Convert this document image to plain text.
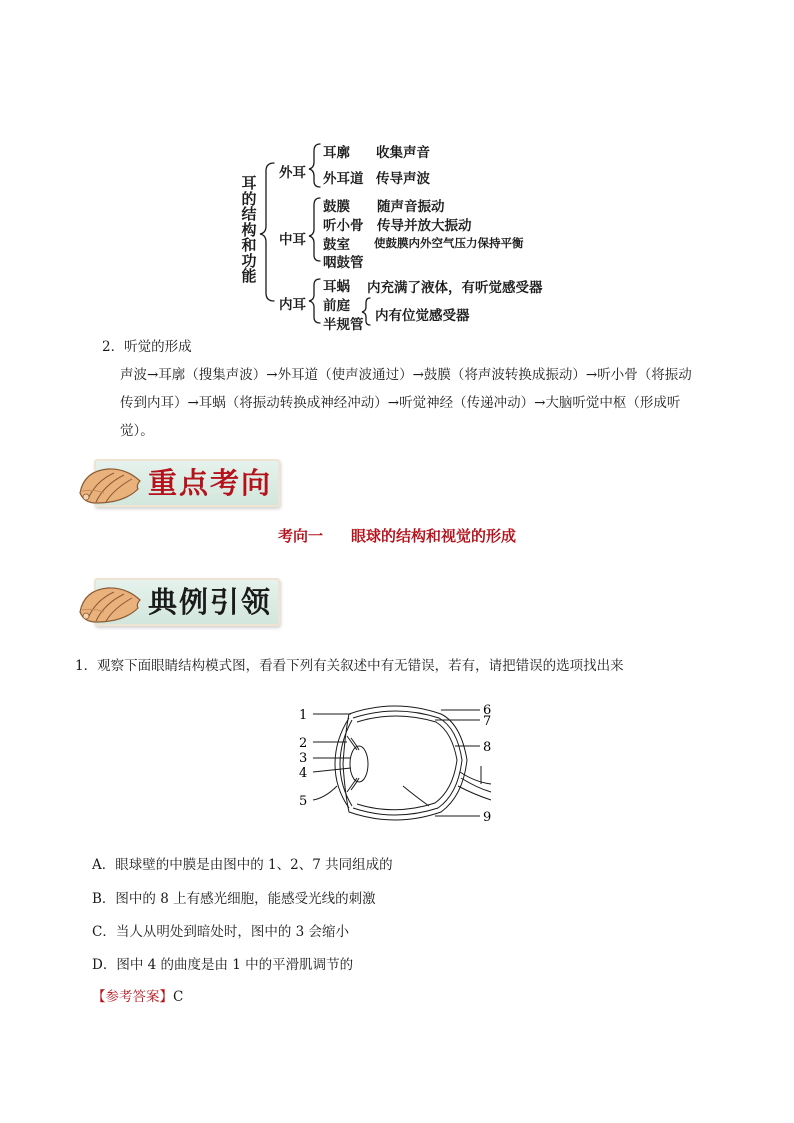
耳
的
结
构
和
功
能
外耳
耳廓 收集声音
外耳道 传导声波
中耳
鼓膜 随声音振动
听小骨 传导并放大振动
鼓室 使鼓膜内外空气压力保持平衡
咽鼓管
内耳
耳蜗 内充满了液体，有听觉感受器
前庭
半规管
内有位觉感受器
2．听觉的形成
声波→耳廓（搜集声波）→外耳道（使声波通过）→鼓膜（将声波转换成振动）→听小骨（将振动
传到内耳）→耳蜗（将振动转换成神经冲动）→听觉神经（传递冲动）→大脑听觉中枢（形成听
觉）。
重点考向
考向一 眼球的结构和视觉的形成
典例引领
1．观察下面眼睛结构模式图，看看下列有关叙述中有无错误，若有，请把错误的选项找出来
1
2
3
4
5
6
7
8
9
A．眼球壁的中膜是由图中的 1、2、7 共同组成的
B．图中的 8 上有感光细胞，能感受光线的刺激
C．当人从明处到暗处时，图中的 3 会缩小
D．图中 4 的曲度是由 1 中的平滑肌调节的
【参考答案】C
